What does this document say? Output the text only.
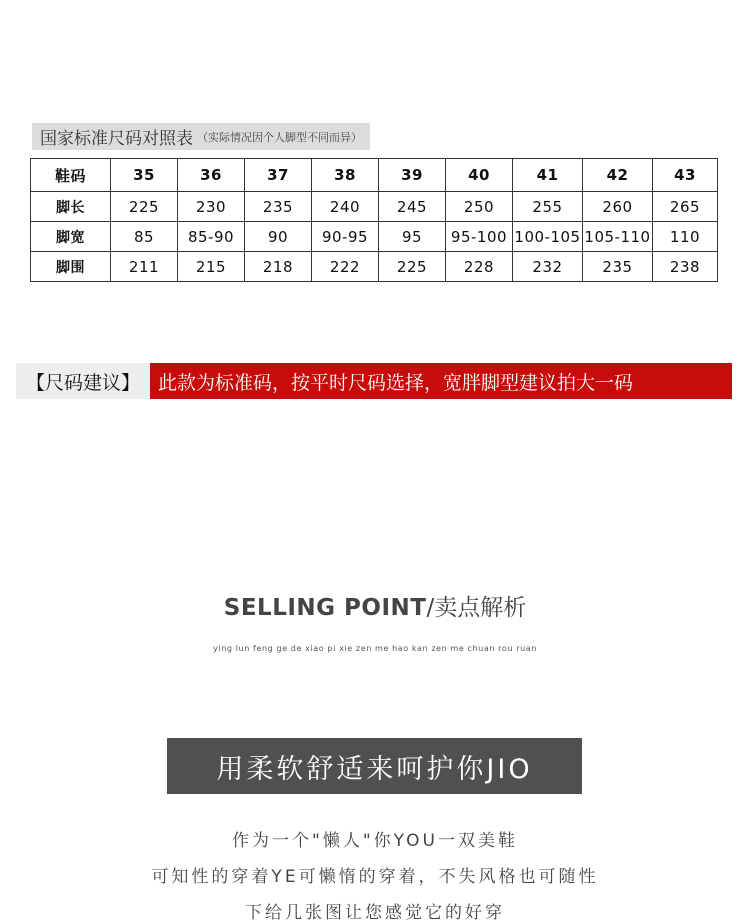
国家标准尺码对照表 （实际情况因个人脚型不同而异）
鞋码	35	36	37	38	39	40	41	42	43
脚长	225	230	235	240	245	250	255	260	265
脚宽	85	85-90	90	90-95	95	95-100	100-105	105-110	110
脚围	211	215	218	222	225	228	232	235	238
【尺码建议】 此款为标准码，按平时尺码选择，宽胖脚型建议拍大一码
SELLING POINT/卖点解析
ying lun feng ge de xiao pi xie zen me hao kan zen me chuan rou ruan
用柔软舒适来呵护你JIO
作为一个"懒人"你YOU一双美鞋
可知性的穿着YE可懒惰的穿着，不失风格也可随性
下给几张图让您感觉它的好穿
